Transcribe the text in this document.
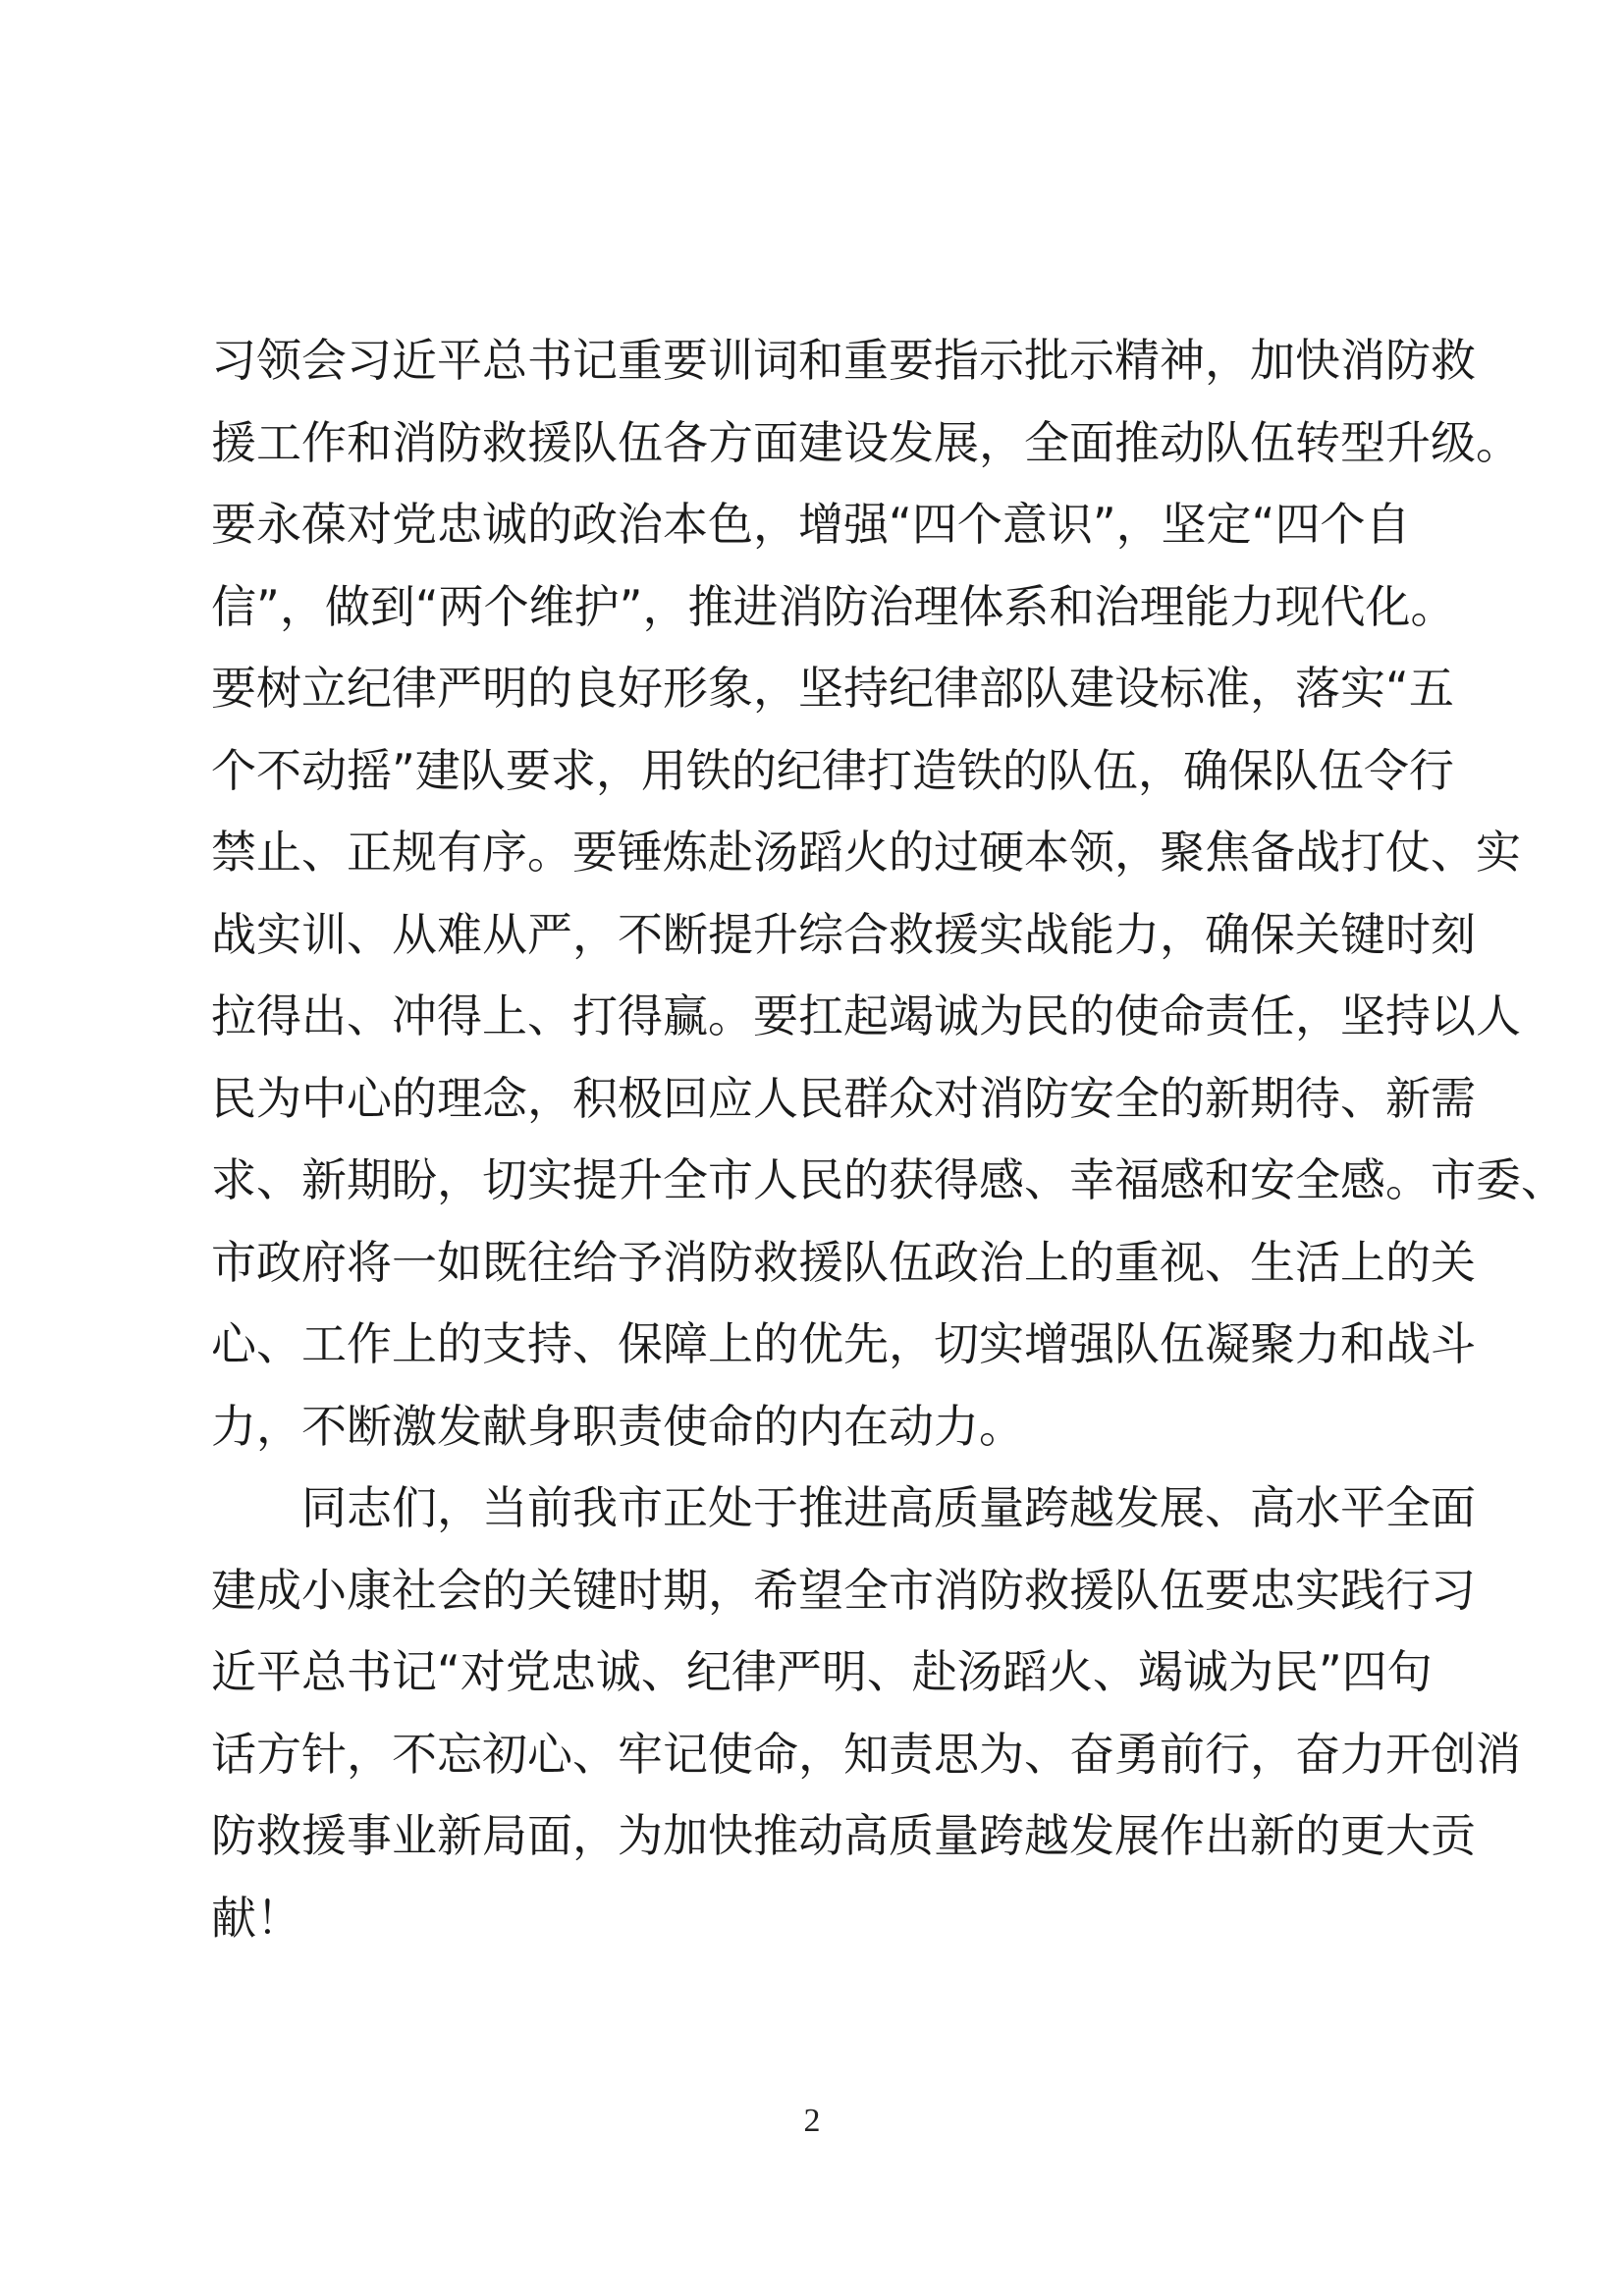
习领会习近平总书记重要训词和重要指示批示精神，加快消防救
援工作和消防救援队伍各方面建设发展，全面推动队伍转型升级。
要永葆对党忠诚的政治本色，增强“四个意识”，坚定“四个自
信”，做到“两个维护”，推进消防治理体系和治理能力现代化。
要树立纪律严明的良好形象，坚持纪律部队建设标准，落实“五
个不动摇”建队要求，用铁的纪律打造铁的队伍，确保队伍令行
禁止、正规有序。要锤炼赴汤蹈火的过硬本领，聚焦备战打仗、实
战实训、从难从严，不断提升综合救援实战能力，确保关键时刻
拉得出、冲得上、打得赢。要扛起竭诚为民的使命责任，坚持以人
民为中心的理念，积极回应人民群众对消防安全的新期待、新需
求、新期盼，切实提升全市人民的获得感、幸福感和安全感。市委、
市政府将一如既往给予消防救援队伍政治上的重视、生活上的关
心、工作上的支持、保障上的优先，切实增强队伍凝聚力和战斗
力，不断激发献身职责使命的内在动力。
　　同志们，当前我市正处于推进高质量跨越发展、高水平全面
建成小康社会的关键时期，希望全市消防救援队伍要忠实践行习
近平总书记“对党忠诚、纪律严明、赴汤蹈火、竭诚为民”四句
话方针，不忘初心、牢记使命，知责思为、奋勇前行，奋力开创消
防救援事业新局面，为加快推动高质量跨越发展作出新的更大贡
献！
2
